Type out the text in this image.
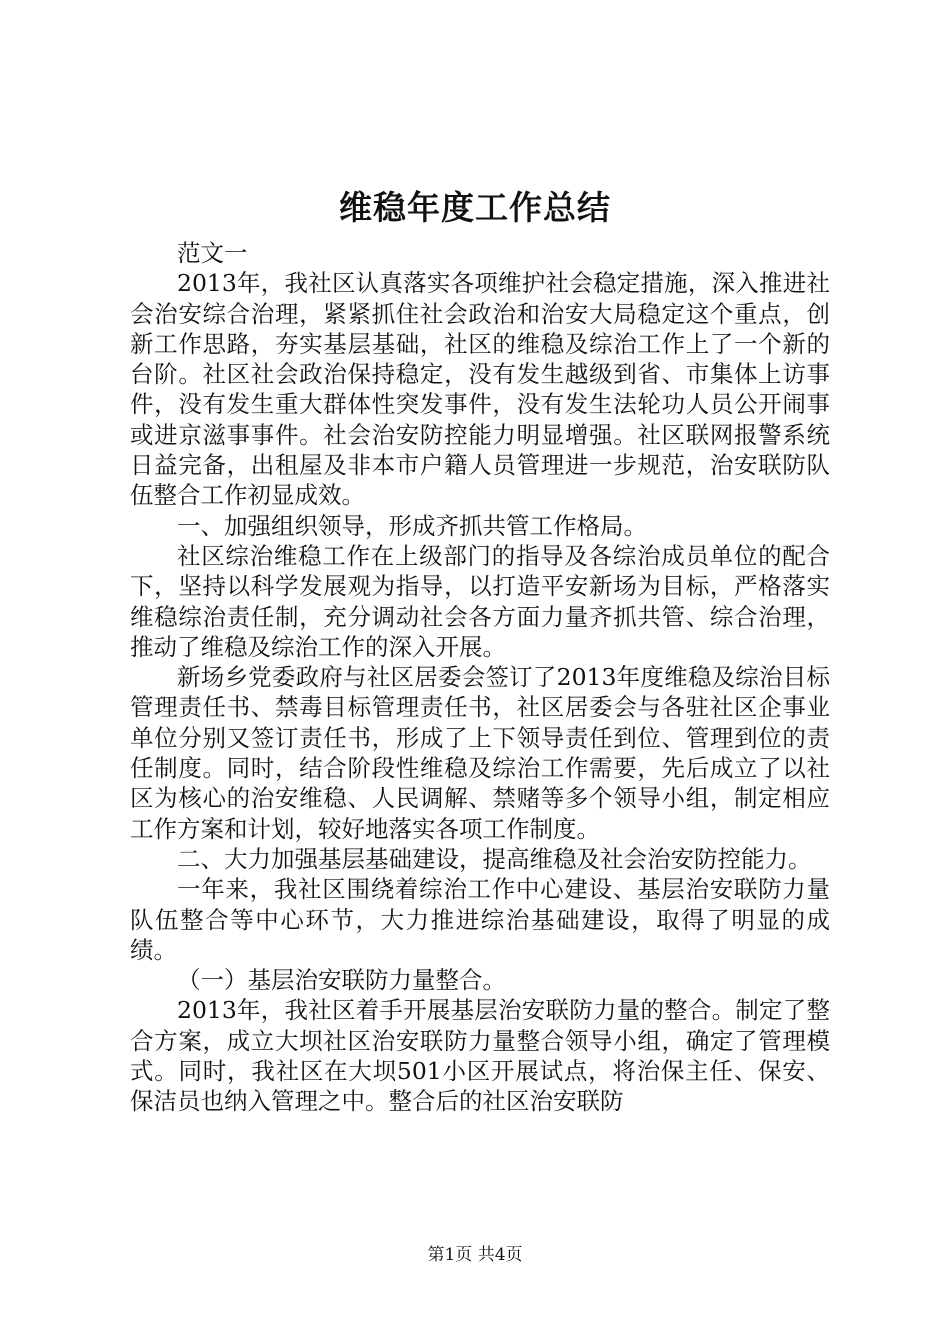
维稳年度工作总结

范文一

2013年，我社区认真落实各项维护社会稳定措施，深入推进社会治安综合治理，紧紧抓住社会政治和治安大局稳定这个重点，创新工作思路，夯实基层基础，社区的维稳及综治工作上了一个新的台阶。社区社会政治保持稳定，没有发生越级到省、市集体上访事件，没有发生重大群体性突发事件，没有发生法轮功人员公开闹事或进京滋事事件。社会治安防控能力明显增强。社区联网报警系统日益完备，出租屋及非本市户籍人员管理进一步规范，治安联防队伍整合工作初显成效。

一、加强组织领导，形成齐抓共管工作格局。

社区综治维稳工作在上级部门的指导及各综治成员单位的配合下，坚持以科学发展观为指导，以打造平安新场为目标，严格落实维稳综治责任制，充分调动社会各方面力量齐抓共管、综合治理，推动了维稳及综治工作的深入开展。

新场乡党委政府与社区居委会签订了2013年度维稳及综治目标管理责任书、禁毒目标管理责任书，社区居委会与各驻社区企事业单位分别又签订责任书，形成了上下领导责任到位、管理到位的责任制度。同时，结合阶段性维稳及综治工作需要，先后成立了以社区为核心的治安维稳、人民调解、禁赌等多个领导小组，制定相应工作方案和计划，较好地落实各项工作制度。

二、大力加强基层基础建设，提高维稳及社会治安防控能力。

一年来，我社区围绕着综治工作中心建设、基层治安联防力量队伍整合等中心环节，大力推进综治基础建设，取得了明显的成绩。

（一）基层治安联防力量整合。

2013年，我社区着手开展基层治安联防力量的整合。制定了整合方案，成立大坝社区治安联防力量整合领导小组，确定了管理模式。同时，我社区在大坝501小区开展试点，将治保主任、保安、保洁员也纳入管理之中。整合后的社区治安联防

第1页 共4页
